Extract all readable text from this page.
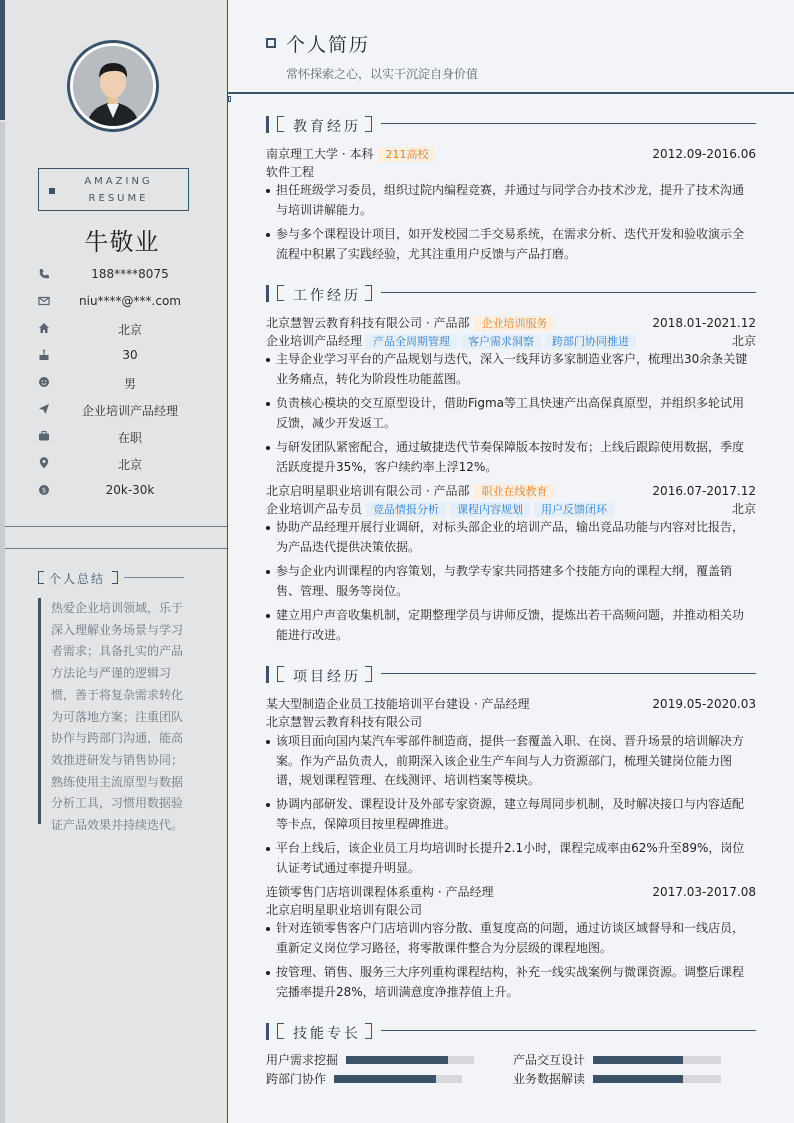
AMAZING
RESUME
牛敬业
188****8075
niu****@***.com
北京
30
男
企业培训产品经理
在职
北京
$	20k-30k
个人总结
热爱企业培训领域，乐于深入理解业务场景与学习者需求；具备扎实的产品方法论与严谨的逻辑习惯，善于将复杂需求转化为可落地方案；注重团队协作与跨部门沟通，能高效推进研发与销售协同；熟练使用主流原型与数据分析工具，习惯用数据验证产品效果并持续迭代。
个人简历
常怀探索之心，以实干沉淀自身价值
教育经历
南京理工大学 · 本科 211高校	2012.09-2016.06
软件工程
担任班级学习委员，组织过院内编程竞赛，并通过与同学合办技术沙龙，提升了技术沟通与培训讲解能力。
参与多个课程设计项目，如开发校园二手交易系统，在需求分析、迭代开发和验收演示全流程中积累了实践经验，尤其注重用户反馈与产品打磨。
工作经历
北京慧智云教育科技有限公司 · 产品部 企业培训服务	2018.01-2021.12
企业培训产品经理 产品全周期管理 客户需求洞察 跨部门协同推进	北京
主导企业学习平台的产品规划与迭代，深入一线拜访多家制造业客户，梳理出30余条关键业务痛点，转化为阶段性功能蓝图。
负责核心模块的交互原型设计，借助Figma等工具快速产出高保真原型，并组织多轮试用反馈，减少开发返工。
与研发团队紧密配合，通过敏捷迭代节奏保障版本按时发布；上线后跟踪使用数据，季度活跃度提升35%，客户续约率上浮12%。
北京启明星职业培训有限公司 · 产品部 职业在线教育	2016.07-2017.12
企业培训产品专员 竞品情报分析 课程内容规划 用户反馈闭环	北京
协助产品经理开展行业调研，对标头部企业的培训产品，输出竞品功能与内容对比报告，为产品迭代提供决策依据。
参与企业内训课程的内容策划，与教学专家共同搭建多个技能方向的课程大纲，覆盖销售、管理、服务等岗位。
建立用户声音收集机制，定期整理学员与讲师反馈，提炼出若干高频问题，并推动相关功能进行改进。
项目经历
某大型制造企业员工技能培训平台建设 · 产品经理	2019.05-2020.03
北京慧智云教育科技有限公司
该项目面向国内某汽车零部件制造商，提供一套覆盖入职、在岗、晋升场景的培训解决方案。作为产品负责人，前期深入该企业生产车间与人力资源部门，梳理关键岗位能力图谱，规划课程管理、在线测评、培训档案等模块。
协调内部研发、课程设计及外部专家资源，建立每周同步机制，及时解决接口与内容适配等卡点，保障项目按里程碑推进。
平台上线后，该企业员工月均培训时长提升2.1小时，课程完成率由62%升至89%，岗位认证考试通过率提升明显。
连锁零售门店培训课程体系重构 · 产品经理	2017.03-2017.08
北京启明星职业培训有限公司
针对连锁零售客户门店培训内容分散、重复度高的问题，通过访谈区域督导和一线店员，重新定义岗位学习路径，将零散课件整合为分层级的课程地图。
按管理、销售、服务三大序列重构课程结构，补充一线实战案例与微课资源。调整后课程完播率提升28%，培训满意度净推荐值上升。
技能专长
用户需求挖掘	产品交互设计
跨部门协作	业务数据解读
